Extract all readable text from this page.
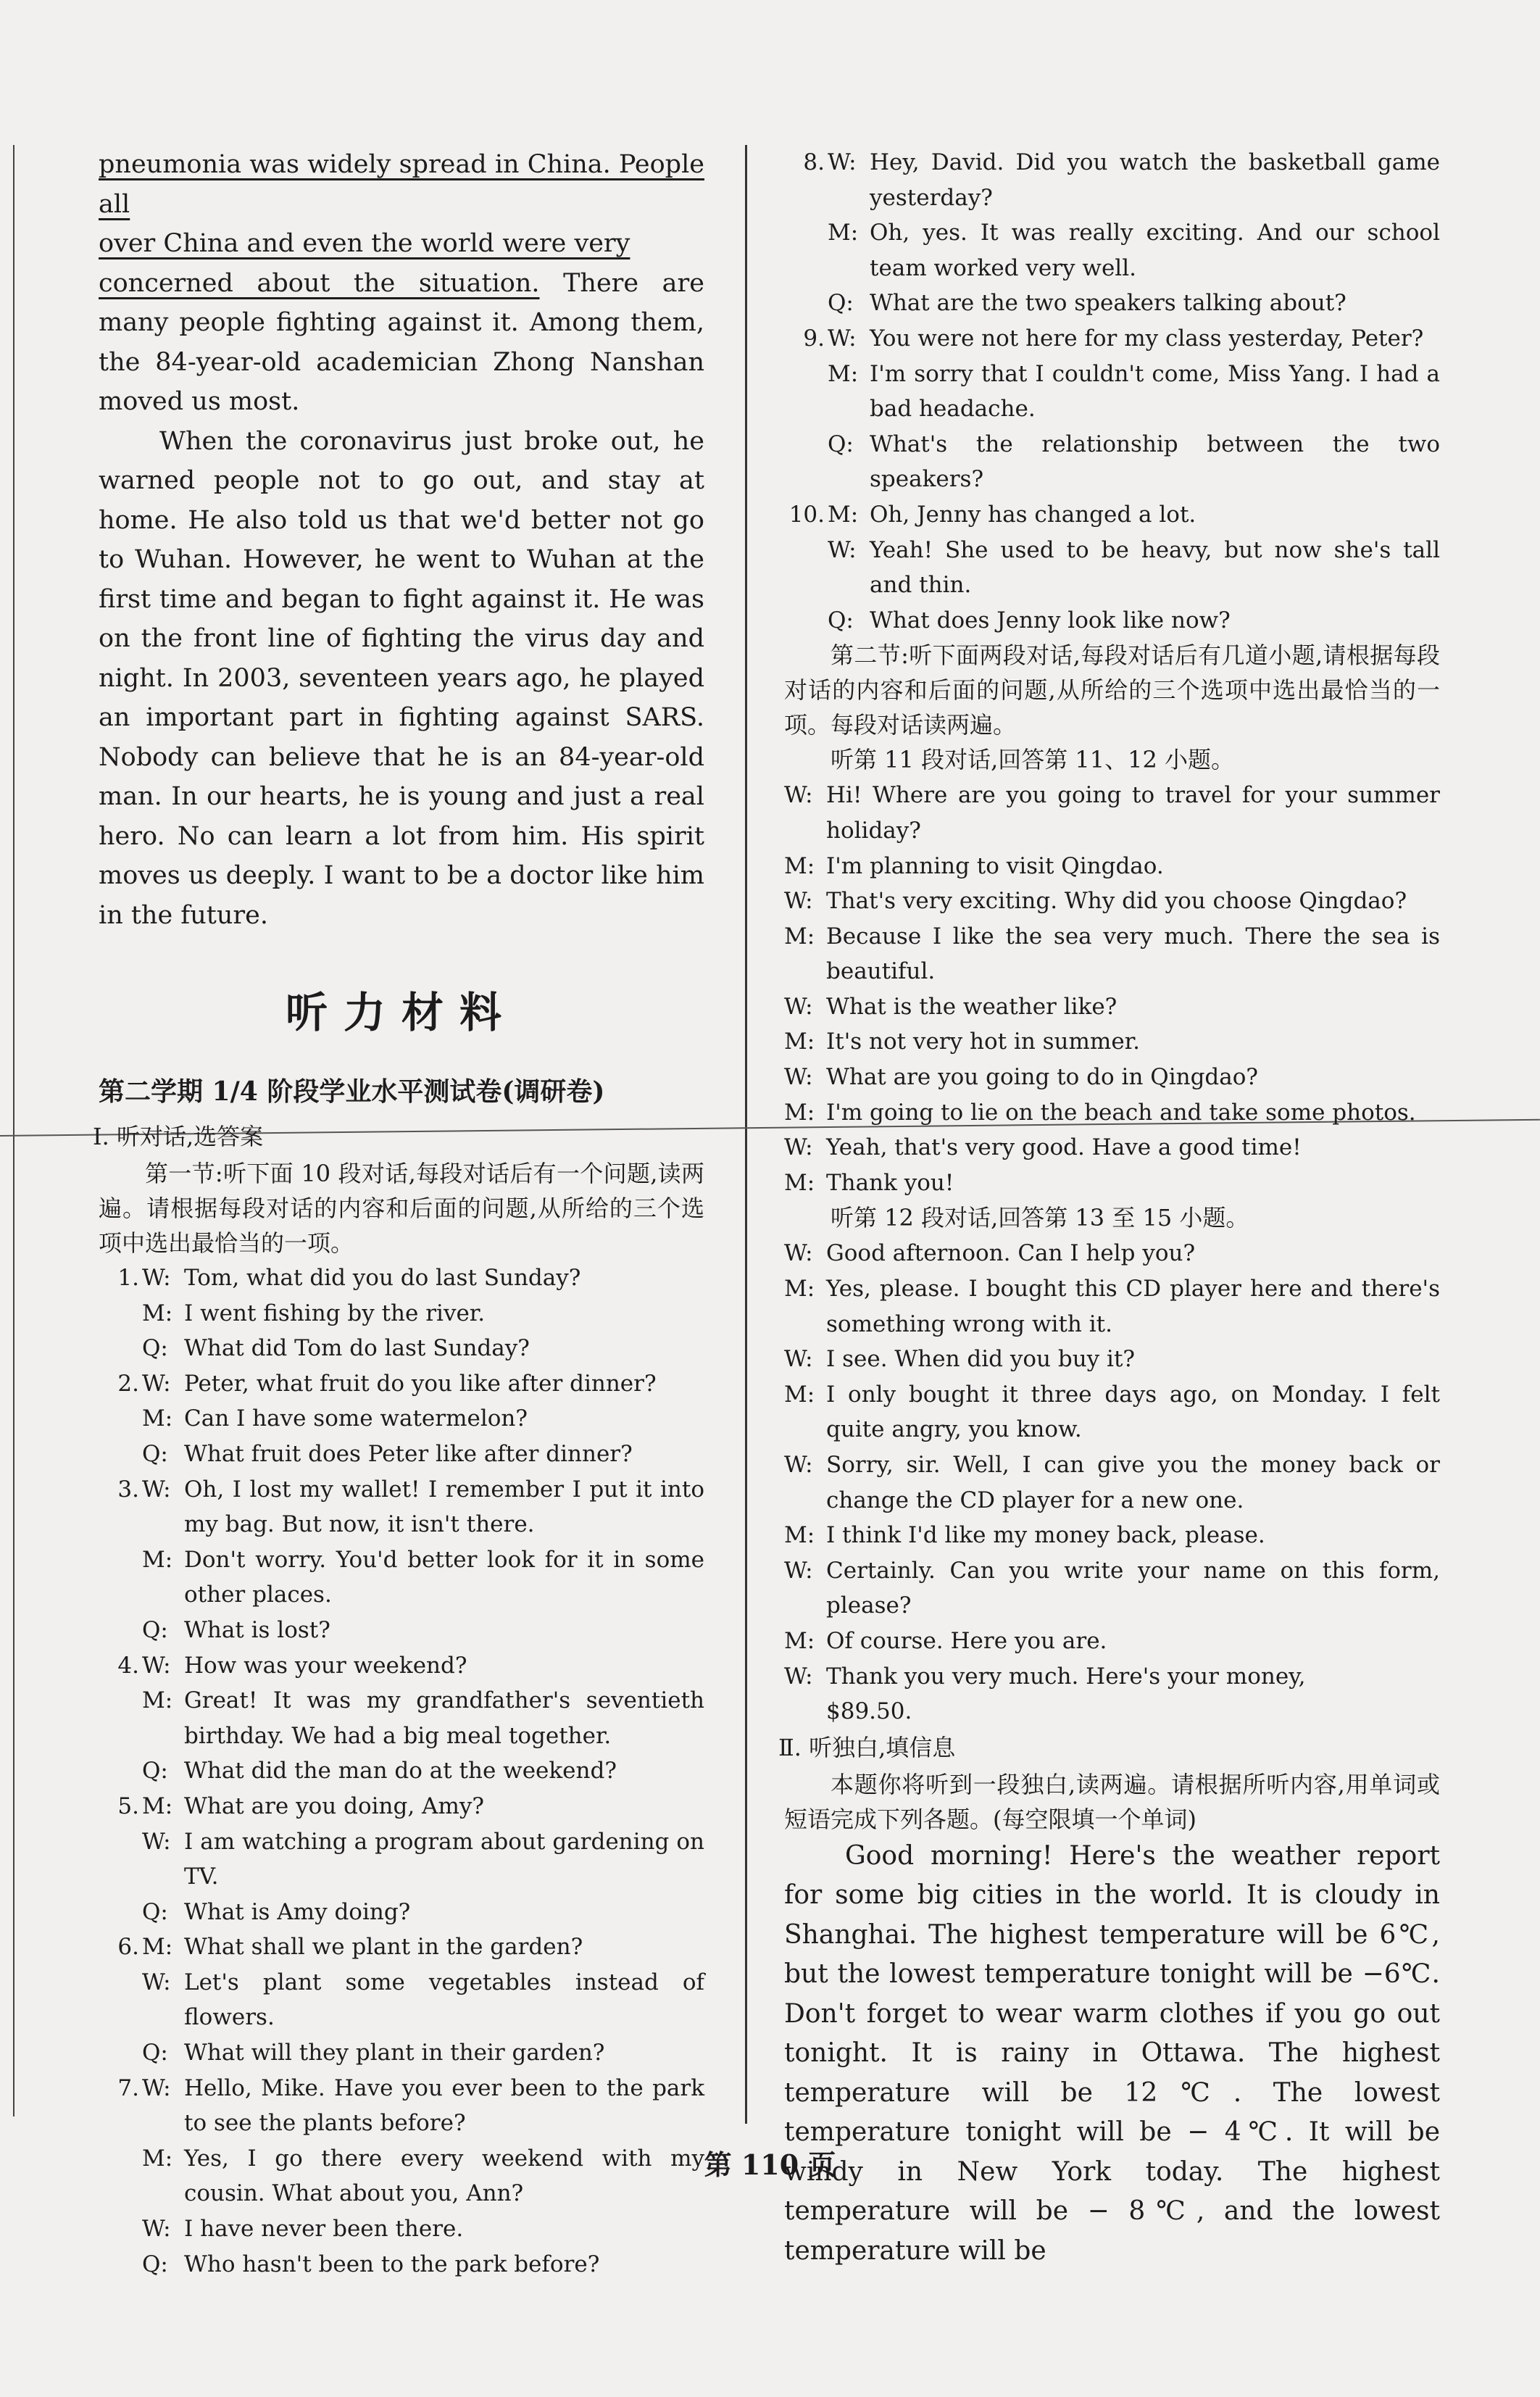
pneumonia was widely spread in China. People all
over China and even the world were very
concerned about the situation. There are many people fighting against it. Among them, the 84-year-old academician Zhong Nanshan moved us most.

When the coronavirus just broke out, he warned people not to go out, and stay at home. He also told us that we'd better not go to Wuhan. However, he went to Wuhan at the first time and began to fight against it. He was on the front line of fighting the virus day and night. In 2003, seventeen years ago, he played an important part in fighting against SARS. Nobody can believe that he is an 84-year-old man. In our hearts, he is young and just a real hero. No can learn a lot from him. His spirit moves us deeply. I want to be a doctor like him in the future.

听力材料
第二学期 1/4 阶段学业水平测试卷(调研卷)
Ⅰ. 听对话,选答案

第一节:听下面 10 段对话,每段对话后有一个问题,读两遍。请根据每段对话的内容和后面的问题,从所给的三个选项中选出最恰当的一项。

1. W: Tom, what did you do last Sunday?
M: I went fishing by the river.
Q: What did Tom do last Sunday?
2. W: Peter, what fruit do you like after dinner?
M: Can I have some watermelon?
Q: What fruit does Peter like after dinner?
3. W: Oh, I lost my wallet! I remember I put it into my bag. But now, it isn't there.
M: Don't worry. You'd better look for it in some other places.
Q: What is lost?
4. W: How was your weekend?
M: Great! It was my grandfather's seventieth birthday. We had a big meal together.
Q: What did the man do at the weekend?
5. M: What are you doing, Amy?
W: I am watching a program about gardening on TV.
Q: What is Amy doing?
6. M: What shall we plant in the garden?
W: Let's plant some vegetables instead of flowers.
Q: What will they plant in their garden?
7. W: Hello, Mike. Have you ever been to the park to see the plants before?
M: Yes, I go there every weekend with my cousin. What about you, Ann?
W: I have never been there.
Q: Who hasn't been to the park before?
8. W: Hey, David. Did you watch the basketball game yesterday?
M: Oh, yes. It was really exciting. And our school team worked very well.
Q: What are the two speakers talking about?
9. W: You were not here for my class yesterday, Peter?
M: I'm sorry that I couldn't come, Miss Yang. I had a bad headache.
Q: What's the relationship between the two speakers?
10. M: Oh, Jenny has changed a lot.
W: Yeah! She used to be heavy, but now she's tall and thin.
Q: What does Jenny look like now?

第二节:听下面两段对话,每段对话后有几道小题,请根据每段对话的内容和后面的问题,从所给的三个选项中选出最恰当的一项。每段对话读两遍。

听第 11 段对话,回答第 11、12 小题。

W: Hi! Where are you going to travel for your summer holiday?
M: I'm planning to visit Qingdao.
W: That's very exciting. Why did you choose Qingdao?
M: Because I like the sea very much. There the sea is beautiful.
W: What is the weather like?
M: It's not very hot in summer.
W: What are you going to do in Qingdao?
M: I'm going to lie on the beach and take some photos.
W: Yeah, that's very good. Have a good time!
M: Thank you!

听第 12 段对话,回答第 13 至 15 小题。

W: Good afternoon. Can I help you?
M: Yes, please. I bought this CD player here and there's something wrong with it.
W: I see. When did you buy it?
M: I only bought it three days ago, on Monday. I felt quite angry, you know.
W: Sorry, sir. Well, I can give you the money back or change the CD player for a new one.
M: I think I'd like my money back, please.
W: Certainly. Can you write your name on this form, please?
M: Of course. Here you are.
W: Thank you very much. Here's your money,
$89.50.
Ⅱ. 听独白,填信息

本题你将听到一段独白,读两遍。请根据所听内容,用单词或短语完成下列各题。(每空限填一个单词)

Good morning! Here's the weather report for some big cities in the world. It is cloudy in Shanghai. The highest temperature will be 6℃, but the lowest temperature tonight will be −6℃. Don't forget to wear warm clothes if you go out tonight. It is rainy in Ottawa. The highest temperature will be 12℃. The lowest temperature tonight will be − 4℃. It will be windy in New York today. The highest temperature will be − 8℃, and the lowest temperature will be

第 110 页
